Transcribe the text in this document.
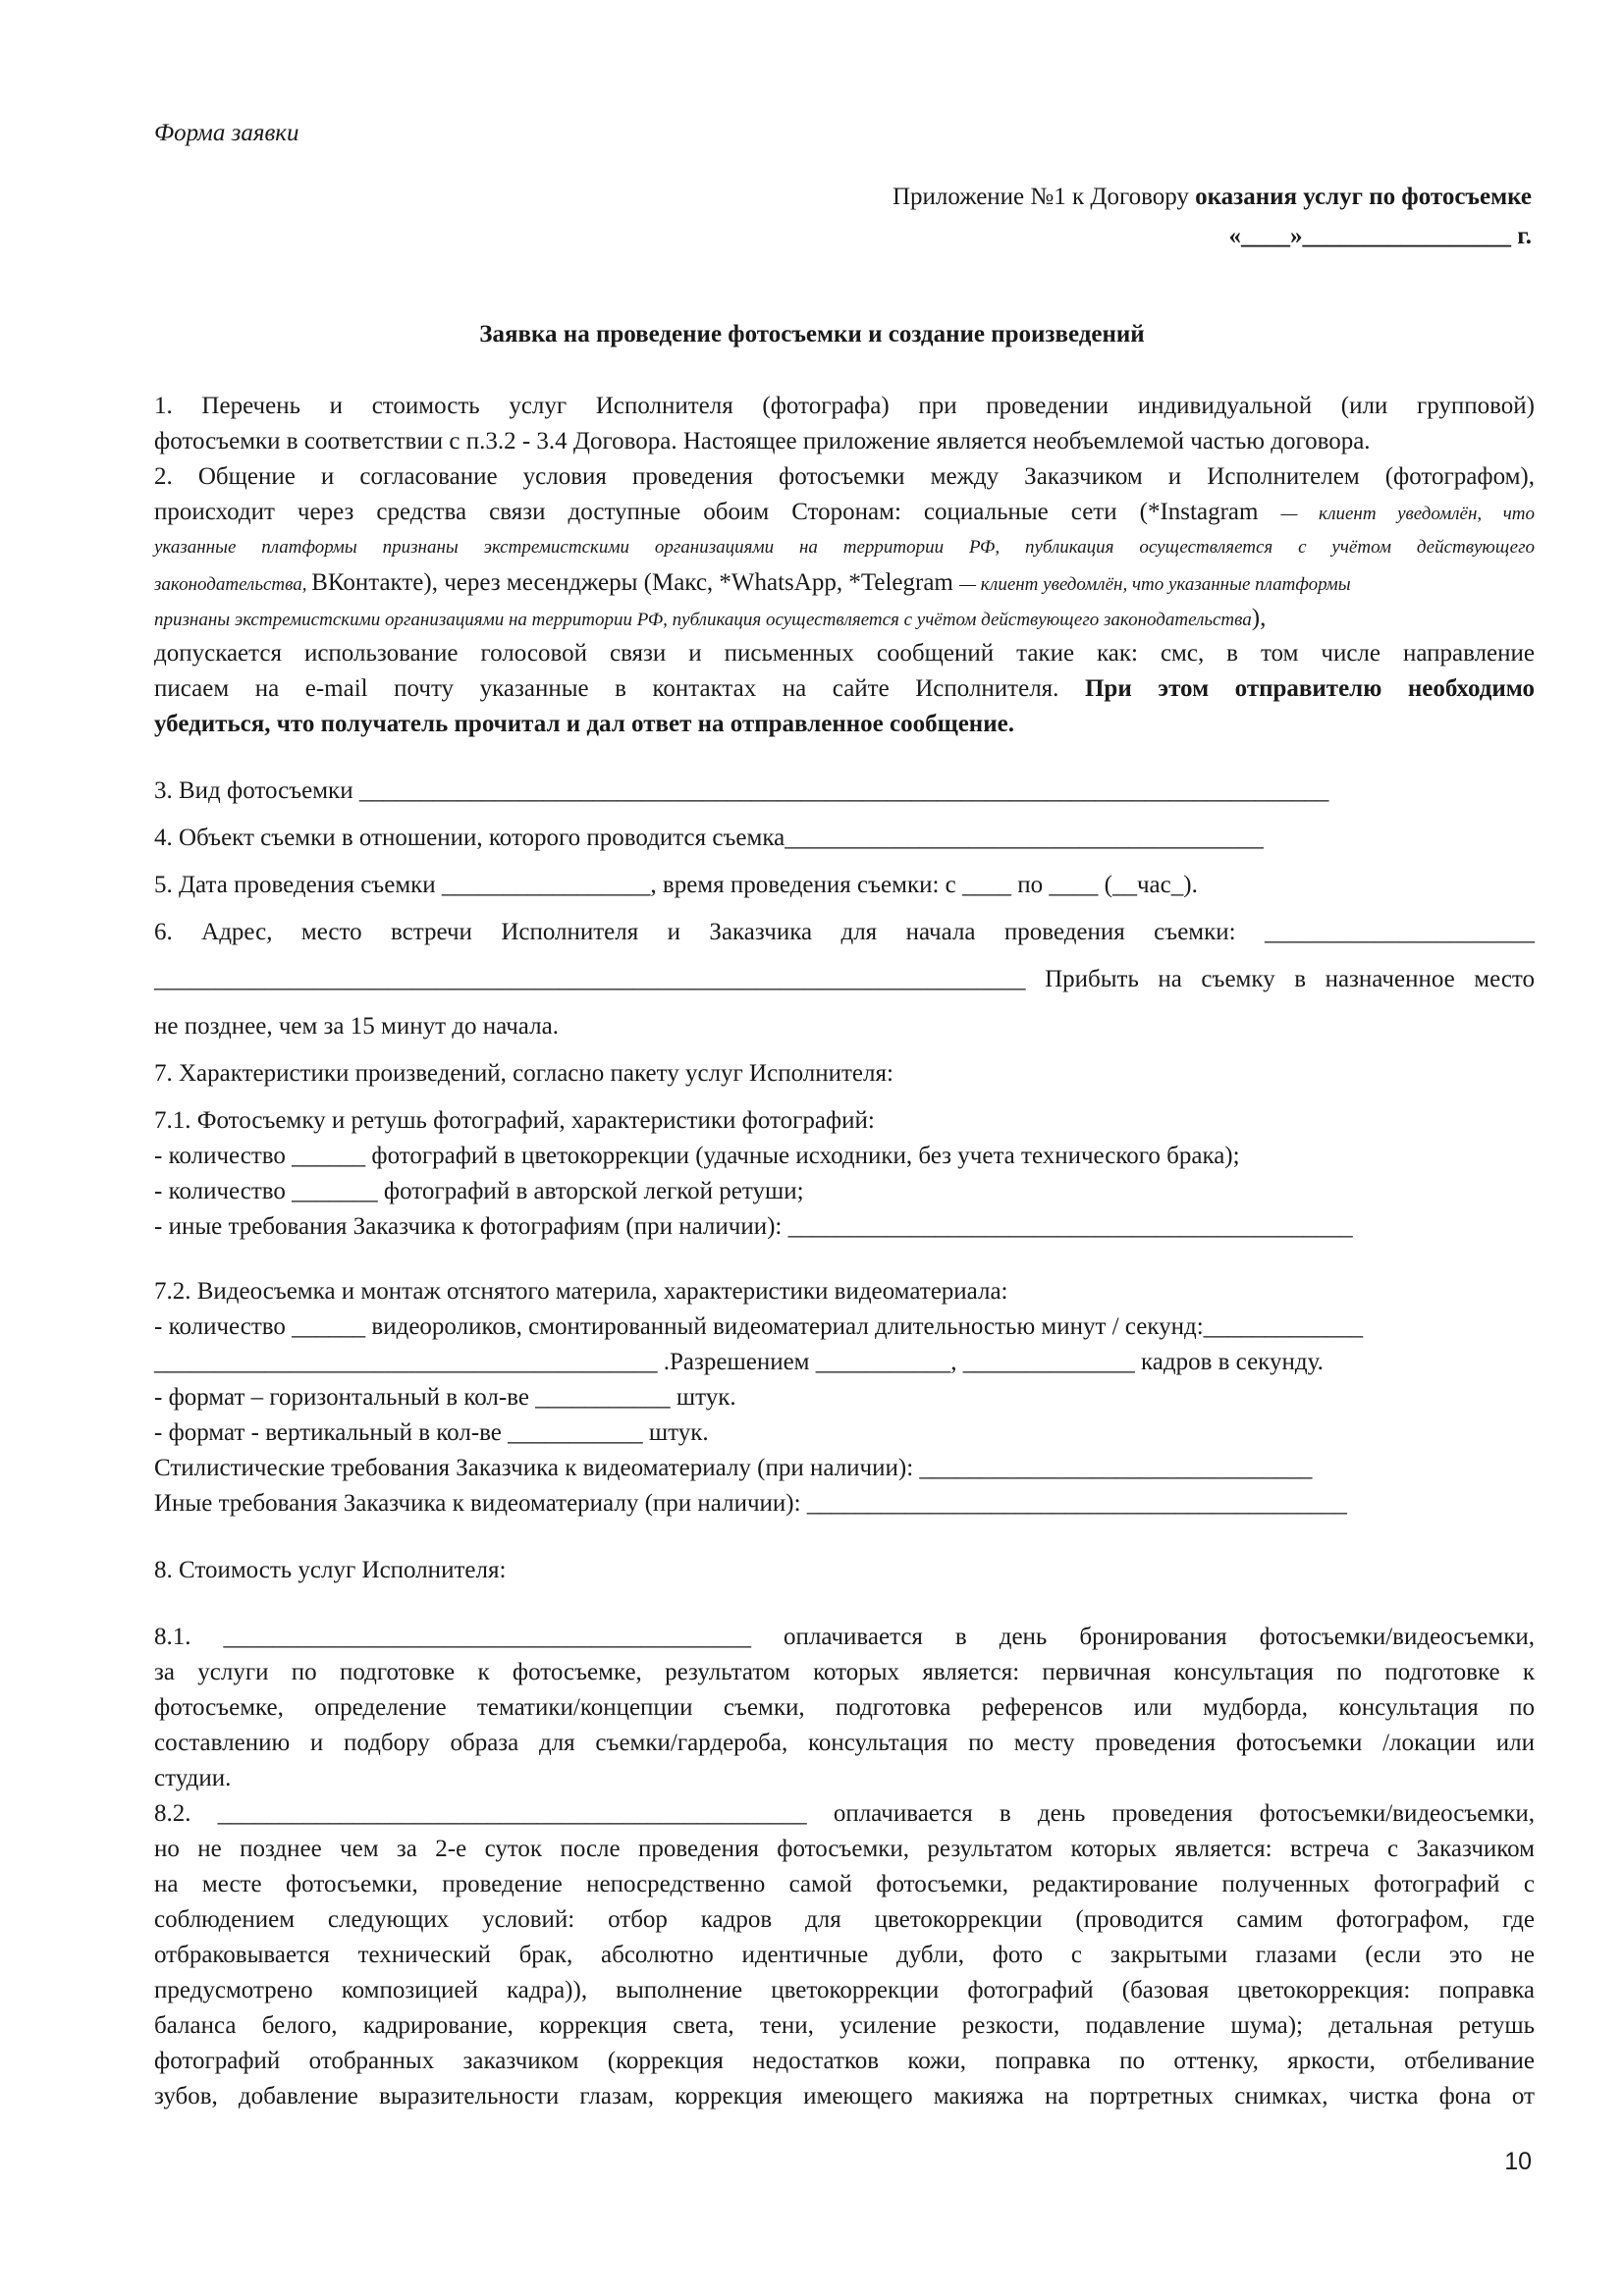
Форма заявки
Приложение №1 к Договору оказания услуг по фотосъемке
«____»_________________ г.
Заявка на проведение фотосъемки и создание произведений
1. Перечень и стоимость услуг Исполнителя (фотографа) при проведении индивидуальной (или групповой)
фотосъемки в соответствии с п.3.2 - 3.4 Договора. Настоящее приложение является необъемлемой частью договора.
2. Общение и согласование условия проведения фотосъемки между Заказчиком и Исполнителем (фотографом),
происходит через средства связи доступные обоим Сторонам: социальные сети (*Instagram — клиент уведомлён, что
указанные платформы признаны экстремистскими организациями на территории РФ, публикация осуществляется с учётом действующего
законодательства, ВКонтакте), через месенджеры (Макс, *WhatsApp, *Telegram — клиент уведомлён, что указанные платформы
признаны экстремистскими организациями на территории РФ, публикация осуществляется с учётом действующего законодательства),
допускается использование голосовой связи и письменных сообщений такие как: смс, в том числе направление
писаем на e-mail почту указанные в контактах на сайте Исполнителя. При этом отправителю необходимо
убедиться, что получатель прочитал и дал ответ на отправленное сообщение.
3. Вид фотосъемки _______________________________________________________________________________
4. Объект съемки в отношении, которого проводится съемка_______________________________________
5. Дата проведения съемки _________________, время проведения съемки: с ____ по ____ (__час_).
6. Адрес, место встречи Исполнителя и Заказчика для начала проведения съемки: ______________________
_______________________________________________________________________ Прибыть на съемку в назначенное место
не позднее, чем за 15 минут до начала.
7. Характеристики произведений, согласно пакету услуг Исполнителя:
7.1. Фотосъемку и ретушь фотографий, характеристики фотографий:
- количество ______ фотографий в цветокоррекции (удачные исходники, без учета технического брака);
- количество _______ фотографий в авторской легкой ретуши;
- иные требования Заказчика к фотографиям (при наличии): ______________________________________________
7.2. Видеосъемка и монтаж отснятого материла, характеристики видеоматериала:
- количество ______ видеороликов, смонтированный видеоматериал длительностью минут / секунд:_____________
_________________________________________ .Разрешением ___________, ______________ кадров в секунду.
- формат – горизонтальный в кол-ве ___________ штук.
- формат - вертикальный в кол-ве ___________ штук.
Стилистические требования Заказчика к видеоматериалу (при наличии): ________________________________
Иные требования Заказчика к видеоматериалу (при наличии): ____________________________________________
8. Стоимость услуг Исполнителя:
8.1. ___________________________________________ оплачивается в день бронирования фотосъемки/видеосъемки,
за услуги по подготовке к фотосъемке, результатом которых является: первичная консультация по подготовке к
фотосъемке, определение тематики/концепции съемки, подготовка референсов или мудборда, консультация по
составлению и подбору образа для съемки/гардероба, консультация по месту проведения фотосъемки /локации или
студии.
8.2. ________________________________________________ оплачивается в день проведения фотосъемки/видеосъемки,
но не позднее чем за 2-е суток после проведения фотосъемки, результатом которых является: встреча с Заказчиком
на месте фотосъемки, проведение непосредственно самой фотосъемки, редактирование полученных фотографий с
соблюдением следующих условий: отбор кадров для цветокоррекции (проводится самим фотографом, где
отбраковывается технический брак, абсолютно идентичные дубли, фото с закрытыми глазами (если это не
предусмотрено композицией кадра)), выполнение цветокоррекции фотографий (базовая цветокоррекция: поправка
баланса белого, кадрирование, коррекция света, тени, усиление резкости, подавление шума); детальная ретушь
фотографий отобранных заказчиком (коррекция недостатков кожи, поправка по оттенку, яркости, отбеливание
зубов, добавление выразительности глазам, коррекция имеющего макияжа на портретных снимках, чистка фона от
10
